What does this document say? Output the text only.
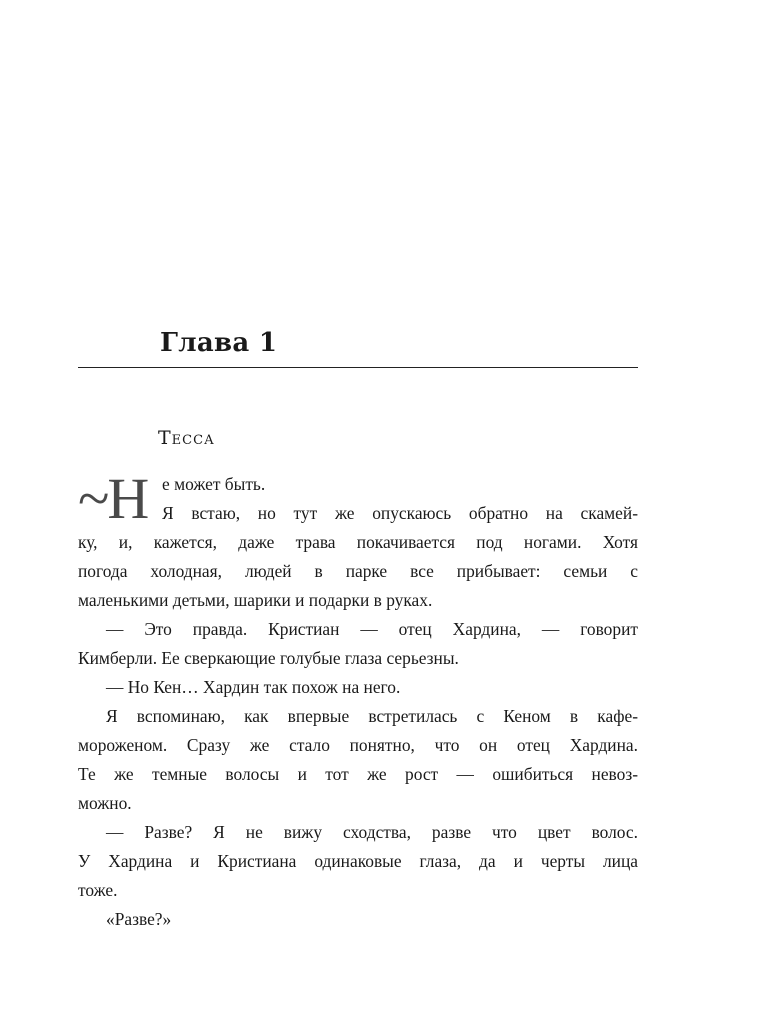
Глава 1
Тесса
~Н е может быть.
Я встаю, но тут же опускаюсь обратно на скамей-
ку, и, кажется, даже трава покачивается под ногами. Хотя
погода холодная, людей в парке все прибывает: семьи с
маленькими детьми, шарики и подарки в руках.
— Это правда. Кристиан — отец Хардина, — говорит
Кимберли. Ее сверкающие голубые глаза серьезны.
— Но Кен… Хардин так похож на него.
Я вспоминаю, как впервые встретилась с Кеном в кафе-
мороженом. Сразу же стало понятно, что он отец Хардина.
Те же темные волосы и тот же рост — ошибиться невоз-
можно.
— Разве? Я не вижу сходства, разве что цвет волос.
У Хардина и Кристиана одинаковые глаза, да и черты лица
тоже.
«Разве?»
